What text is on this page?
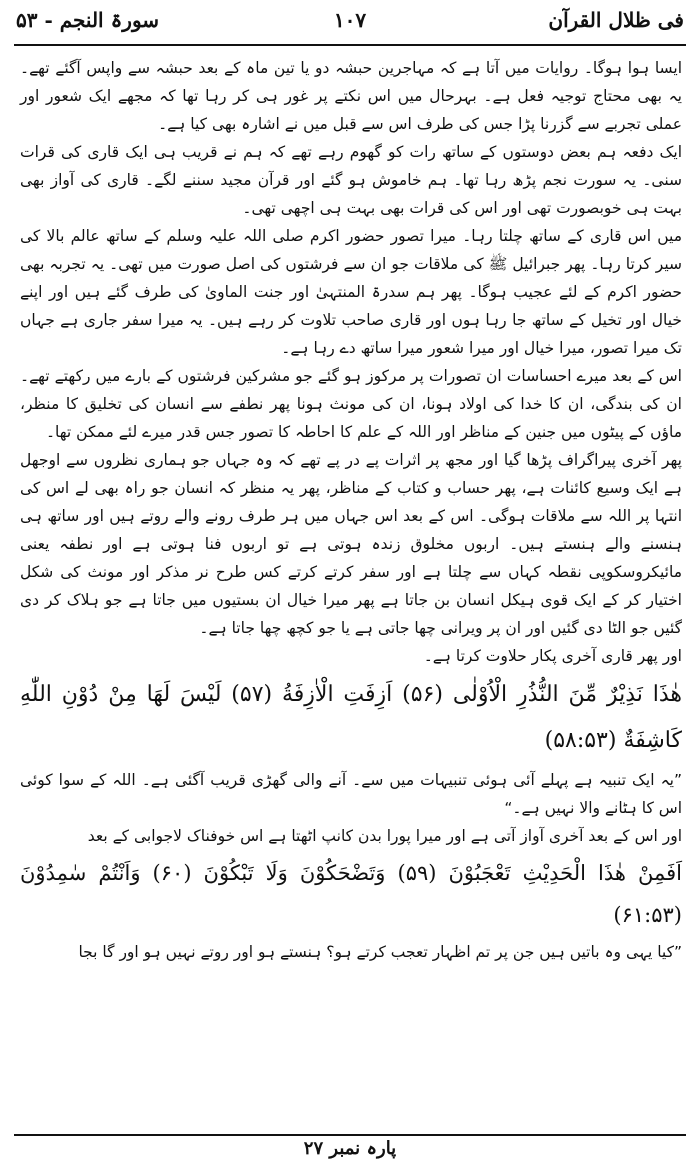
سورۃ النجم - ۵۳	۱۰۷	فی ظلال القرآن

ایسا ہوا ہوگا۔ روایات میں آتا ہے کہ مہاجرین حبشہ دو یا تین ماہ کے بعد حبشہ سے واپس آگئے تھے۔ یہ بھی محتاج توجیہ فعل ہے۔ بہرحال میں اس نکتے پر غور ہی کر رہا تھا کہ مجھے ایک شعور اور عملی تجربے سے گزرنا پڑا جس کی طرف اس سے قبل میں نے اشارہ بھی کیا ہے۔

ایک دفعہ ہم بعض دوستوں کے ساتھ رات کو گھوم رہے تھے کہ ہم نے قریب ہی ایک قاری کی قرات سنی۔ یہ سورت نجم پڑھ رہا تھا۔ ہم خاموش ہو گئے اور قرآن مجید سننے لگے۔ قاری کی آواز بھی بہت ہی خوبصورت تھی اور اس کی قرات بھی بہت ہی اچھی تھی۔

میں اس قاری کے ساتھ چلتا رہا۔ میرا تصور حضور اکرم صلی اللہ علیہ وسلم کے ساتھ عالم بالا کی سیر کرتا رہا۔ پھر جبرائیل ﷺ کی ملاقات جو ان سے فرشتوں کی اصل صورت میں تھی۔ یہ تجربہ بھی حضور اکرم کے لئے عجیب ہوگا۔ پھر ہم سدرۃ المنتہیٰ اور جنت الماویٰ کی طرف گئے ہیں اور اپنے خیال اور تخیل کے ساتھ جا رہا ہوں اور قاری صاحب تلاوت کر رہے ہیں۔ یہ میرا سفر جاری ہے جہاں تک میرا تصور، میرا خیال اور میرا شعور میرا ساتھ دے رہا ہے۔

اس کے بعد میرے احساسات ان تصورات پر مرکوز ہو گئے جو مشرکین فرشتوں کے بارے میں رکھتے تھے۔ ان کی بندگی، ان کا خدا کی اولاد ہونا، ان کی مونث ہونا پھر نطفے سے انسان کی تخلیق کا منظر، ماؤں کے پیٹوں میں جنین کے مناظر اور اللہ کے علم کا احاطہ کا تصور جس قدر میرے لئے ممکن تھا۔

پھر آخری پیراگراف پڑھا گیا اور مجھ پر اثرات پے در پے تھے کہ وہ جہاں جو ہماری نظروں سے اوجھل ہے ایک وسیع کائنات ہے، پھر حساب و کتاب کے مناظر، پھر یہ منظر کہ انسان جو راہ بھی لے اس کی انتہا پر اللہ سے ملاقات ہوگی۔ اس کے بعد اس جہاں میں ہر طرف رونے والے روتے ہیں اور ساتھ ہی ہنسنے والے ہنستے ہیں۔ اربوں مخلوق زندہ ہوتی ہے تو اربوں فنا ہوتی ہے اور نطفہ یعنی مائیکروسکوپی نقطہ کہاں سے چلتا ہے اور سفر کرتے کرتے کس طرح نر مذکر اور مونث کی شکل اختیار کر کے ایک قوی ہیکل انسان بن جاتا ہے پھر میرا خیال ان بستیوں میں جاتا ہے جو ہلاک کر دی گئیں جو الٹا دی گئیں اور ان پر ویرانی چھا جاتی ہے یا جو کچھ چھا جاتا ہے۔

اور پھر قاری آخری پکار حلاوت کرتا ہے۔

هٰذَا نَذِیْرٌ مِّنَ النُّذُرِ الْاُوْلٰی (۵۶) اَزِفَتِ الْاٰزِفَةُ (۵۷) لَیْسَ لَهَا مِنْ دُوْنِ اللّٰهِ كَاشِفَةٌ (۵۸:۵۳)

”یہ ایک تنبیہ ہے پہلے آئی ہوئی تنبیہات میں سے۔ آنے والی گھڑی قریب آگئی ہے۔ اللہ کے سوا کوئی اس کا ہٹانے والا نہیں ہے۔“

اور اس کے بعد آخری آواز آتی ہے اور میرا پورا بدن کانپ اٹھتا ہے اس خوفناک لاجوابی کے بعد

اَفَمِنْ هٰذَا الْحَدِیْثِ تَعْجَبُوْنَ (۵۹) وَتَضْحَكُوْنَ وَلَا تَبْكُوْنَ (۶۰) وَاَنْتُمْ سٰمِدُوْنَ (۶۱:۵۳)

”کیا یہی وہ باتیں ہیں جن پر تم اظہار تعجب کرتے ہو؟ ہنستے ہو اور روتے نہیں ہو اور گا بجا

پارہ نمبر ۲۷
